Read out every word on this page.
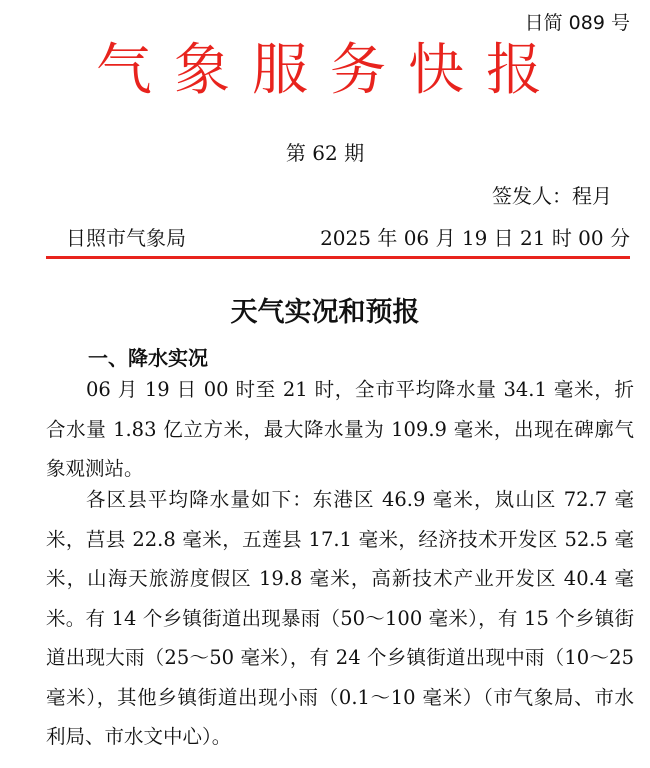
日简 089 号
气象服务快报
第 62 期
签发人：程月
日照市气象局	2025 年 06 月 19 日 21 时 00 分
天气实况和预报
一、降水实况
06 月 19 日 00 时至 21 时，全市平均降水量 34.1 毫米，折合水量 1.83 亿立方米，最大降水量为 109.9 毫米，出现在碑廓气象观测站。
各区县平均降水量如下：东港区 46.9 毫米，岚山区 72.7 毫米，莒县 22.8 毫米，五莲县 17.1 毫米，经济技术开发区 52.5 毫米，山海天旅游度假区 19.8 毫米，高新技术产业开发区 40.4 毫米。有 14 个乡镇街道出现暴雨（50～100 毫米），有 15 个乡镇街道出现大雨（25～50 毫米），有 24 个乡镇街道出现中雨（10～25 毫米），其他乡镇街道出现小雨（0.1～10 毫米）（市气象局、市水利局、市水文中心）。
